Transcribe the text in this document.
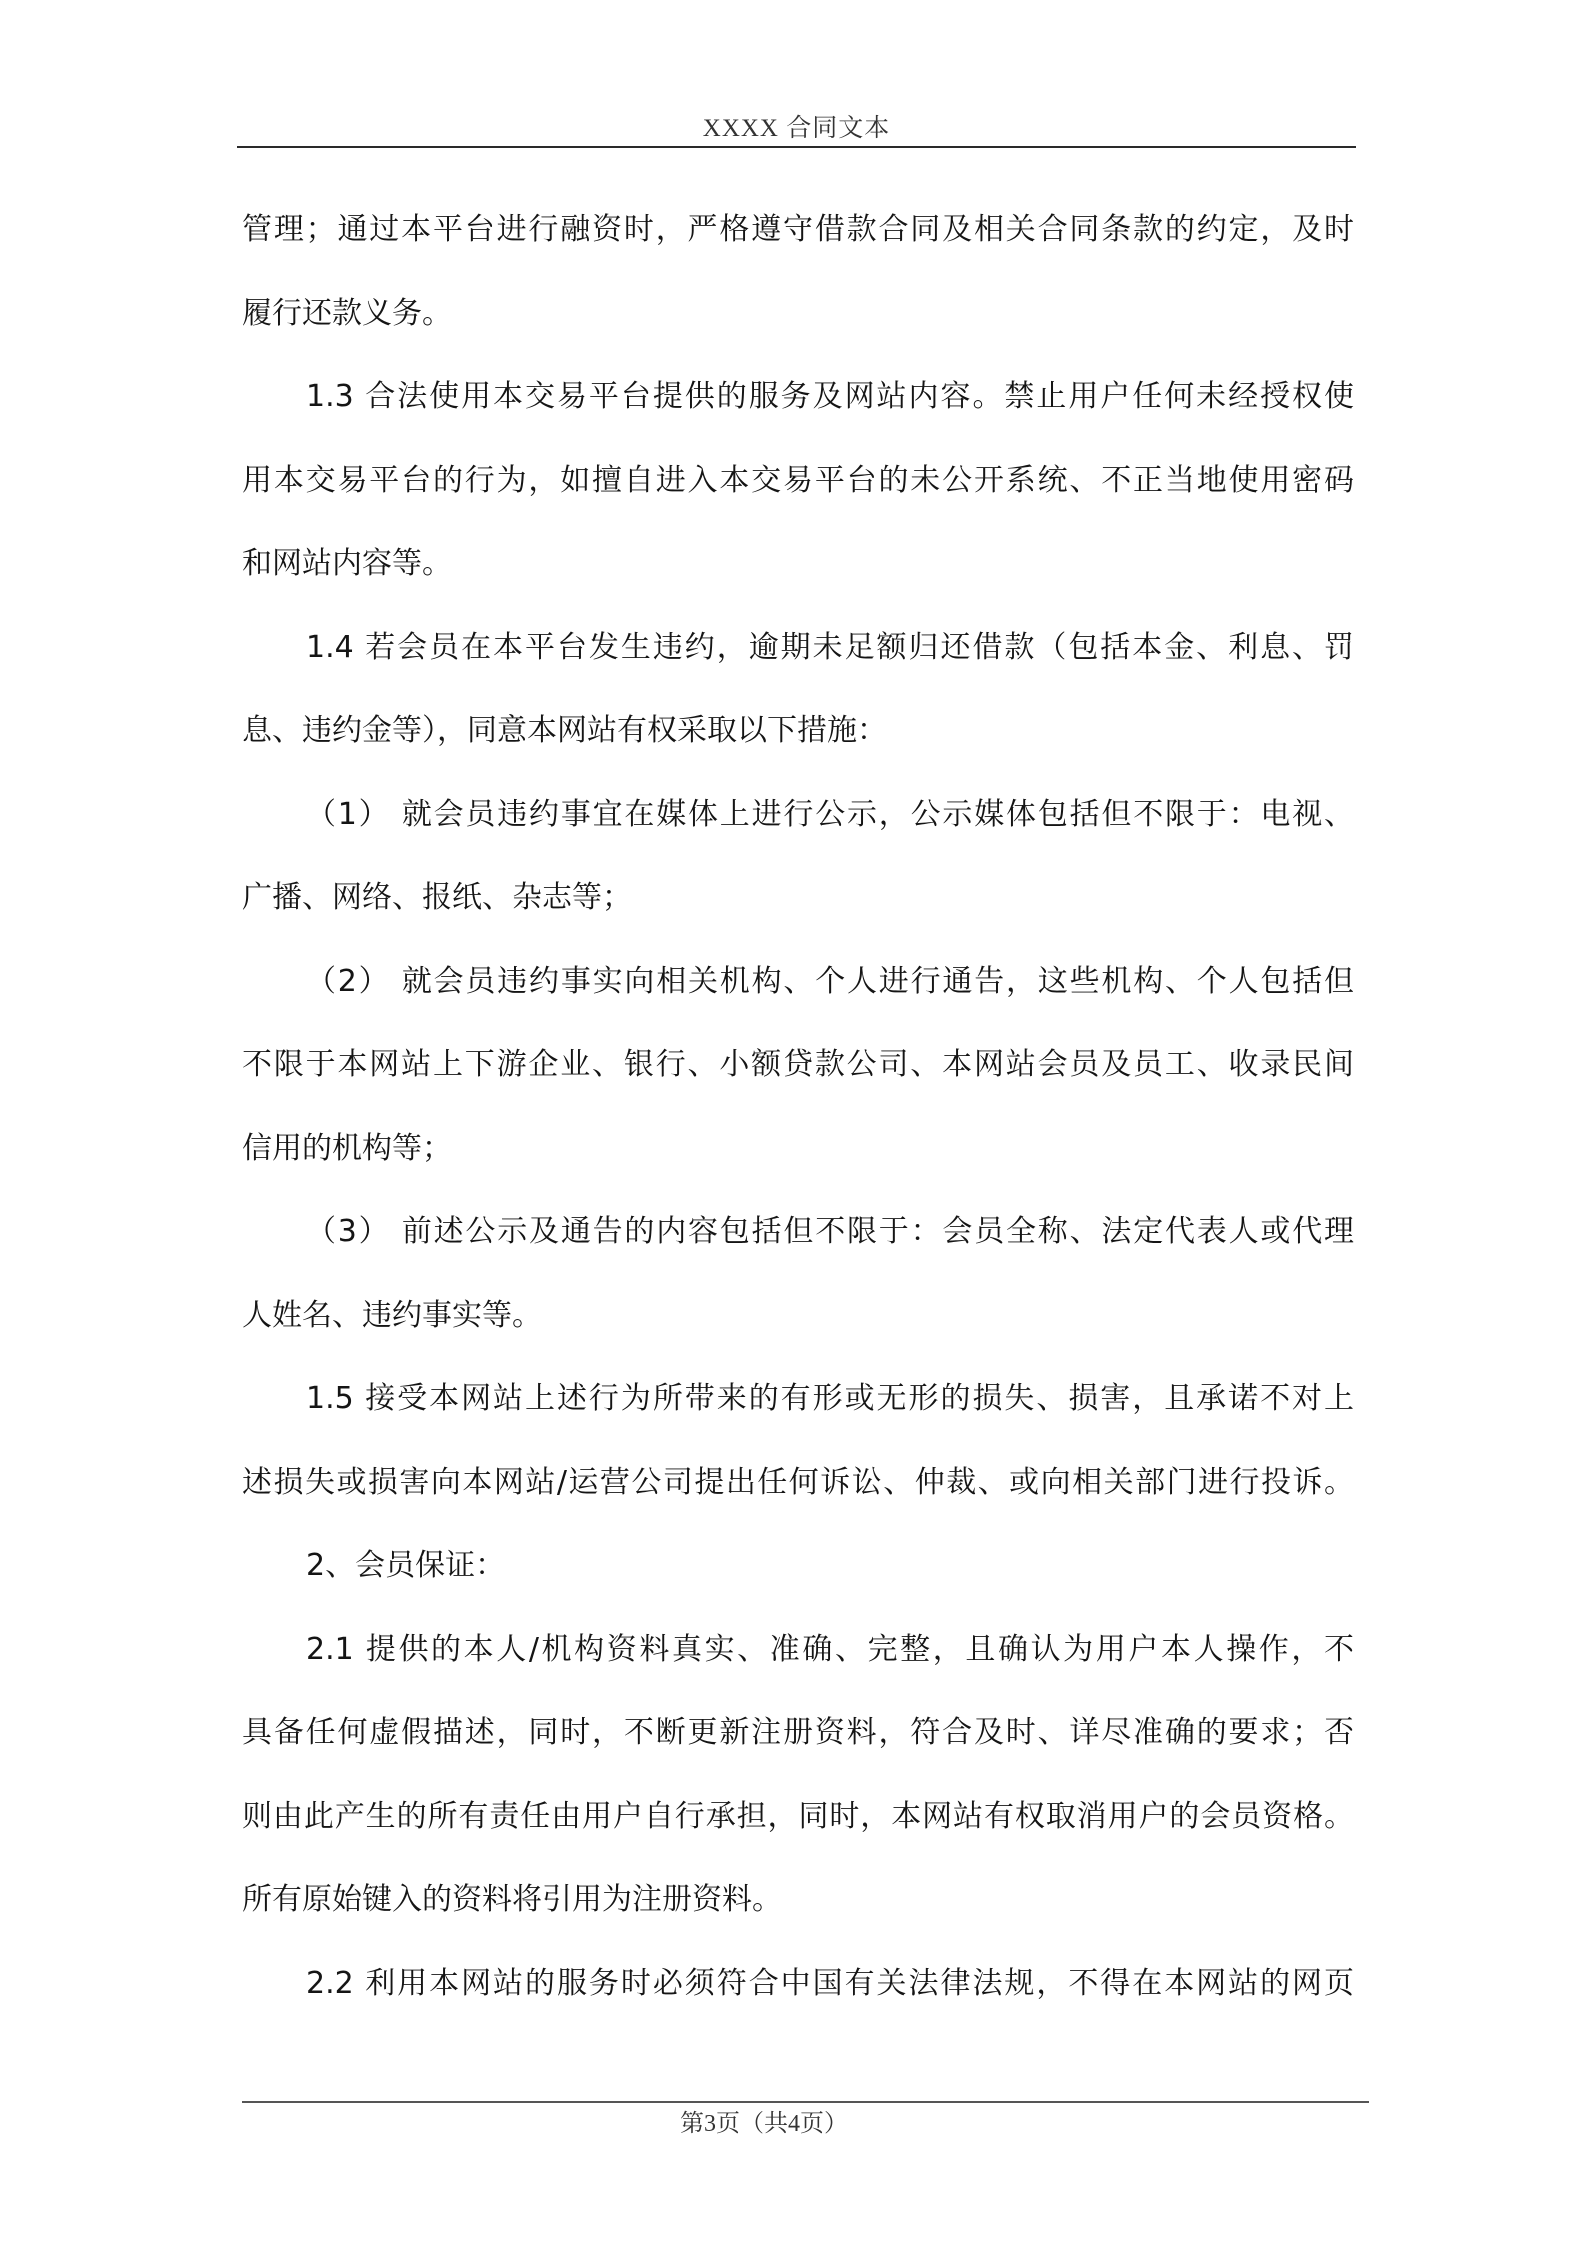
XXXX 合同文本
管理；通过本平台进行融资时，严格遵守借款合同及相关合同条款的约定，及时
履行还款义务。
1.3 合法使用本交易平台提供的服务及网站内容。禁止用户任何未经授权使
用本交易平台的行为，如擅自进入本交易平台的未公开系统、不正当地使用密码
和网站内容等。
1.4 若会员在本平台发生违约，逾期未足额归还借款（包括本金、利息、罚
息、违约金等），同意本网站有权采取以下措施：
（1） 就会员违约事宜在媒体上进行公示，公示媒体包括但不限于：电视、
广播、网络、报纸、杂志等；
（2） 就会员违约事实向相关机构、个人进行通告，这些机构、个人包括但
不限于本网站上下游企业、银行、小额贷款公司、本网站会员及员工、收录民间
信用的机构等；
（3） 前述公示及通告的内容包括但不限于：会员全称、法定代表人或代理
人姓名、违约事实等。
1.5 接受本网站上述行为所带来的有形或无形的损失、损害，且承诺不对上
述损失或损害向本网站/运营公司提出任何诉讼、仲裁、或向相关部门进行投诉。
2、会员保证：
2.1 提供的本人/机构资料真实、准确、完整，且确认为用户本人操作，不
具备任何虚假描述，同时，不断更新注册资料，符合及时、详尽准确的要求；否
则由此产生的所有责任由用户自行承担，同时，本网站有权取消用户的会员资格。
所有原始键入的资料将引用为注册资料。
2.2 利用本网站的服务时必须符合中国有关法律法规，不得在本网站的网页
第3页（共4页）
